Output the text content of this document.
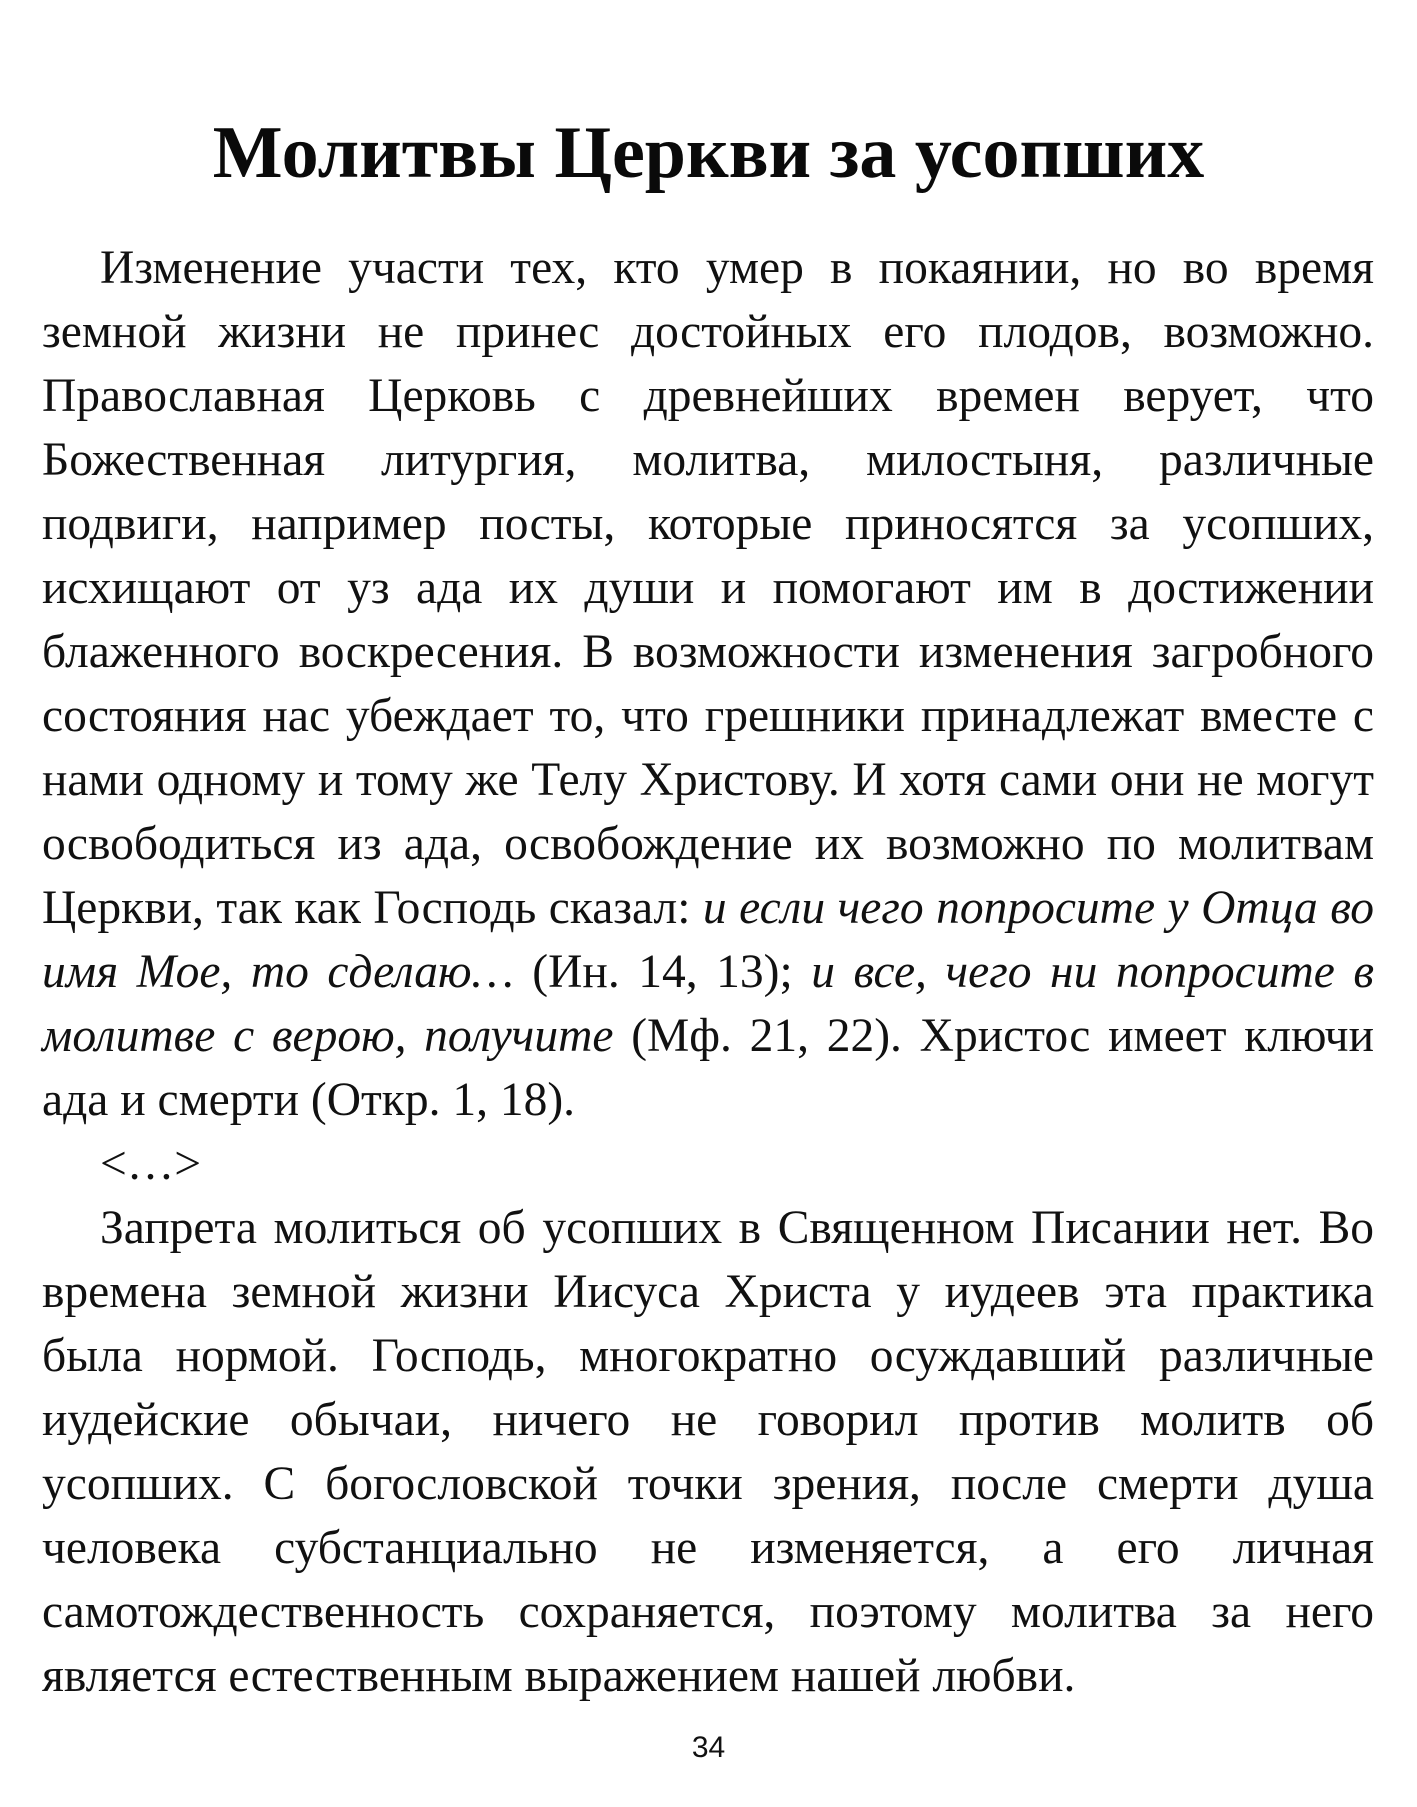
Молитвы Церкви за усопших

Изменение участи тех, кто умер в покаянии, но во время земной жизни не принес достойных его плодов, возможно. Православная Церковь с древнейших времен верует, что Божественная литургия, молитва, милостыня, различные подвиги, например посты, которые приносятся за усопших, исхищают от уз ада их души и помогают им в достижении блаженного воскресения. В возможности изменения загробного состояния нас убеждает то, что грешники принадлежат вместе с нами одному и тому же Телу Христову. И хотя сами они не могут освободиться из ада, освобождение их возможно по молитвам Церкви, так как Господь сказал: и если чего попросите у Отца во имя Мое, то сделаю… (Ин. 14, 13); и все, чего ни попросите в молитве с верою, получите (Мф. 21, 22). Христос имеет ключи ада и смерти (Откр. 1, 18).

<…>

Запрета молиться об усопших в Священном Писании нет. Во времена земной жизни Иисуса Христа у иудеев эта практика была нормой. Господь, многократно осуждавший различные иудейские обычаи, ничего не говорил против молитв об усопших. С богословской точки зрения, после смерти душа человека субстанциально не изменяется, а его личная самотождественность сохраняется, поэтому молитва за него является естественным выражением нашей любви.

34
